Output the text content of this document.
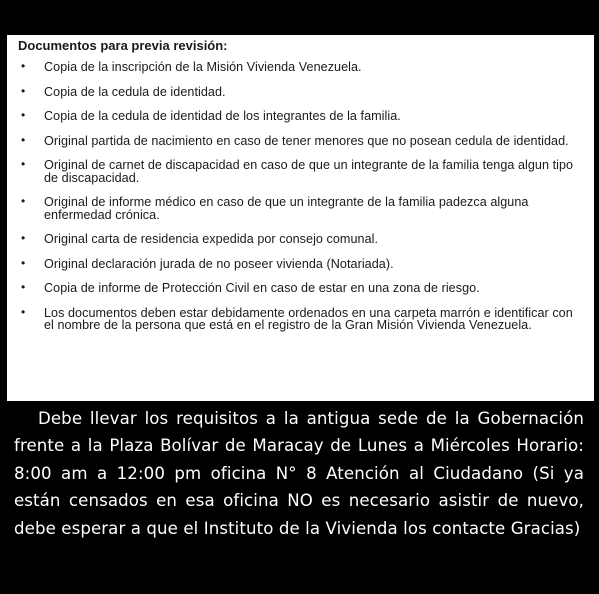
Documentos para previa revisión:
• Copia de la inscripción de la Misión Vivienda Venezuela.
• Copia de la cedula de identidad.
• Copia de la cedula de identidad de los integrantes de la familia.
• Original partida de nacimiento en caso de tener menores que no posean cedula de identidad.
• Original de carnet de discapacidad en caso de que un integrante de la familia tenga algun tipo de discapacidad.
• Original de informe médico en caso de que un integrante de la familia padezca alguna enfermedad crónica.
• Original carta de residencia expedida por consejo comunal.
• Original declaración jurada de no poseer vivienda (Notariada).
• Copia de informe de Protección Civil en caso de estar en una zona de riesgo.
• Los documentos deben estar debidamente ordenados en una carpeta marrón e identificar con el nombre de la persona que está en el registro de la Gran Misión Vivienda Venezuela.

Debe llevar los requisitos a la antigua sede de la Gobernación frente a la Plaza Bolívar de Maracay de Lunes a Miércoles Horario: 8:00 am a 12:00 pm oficina N° 8 Atención al Ciudadano (Si ya están censados en esa oficina NO es necesario asistir de nuevo, debe esperar a que el Instituto de la Vivienda los contacte Gracias)
